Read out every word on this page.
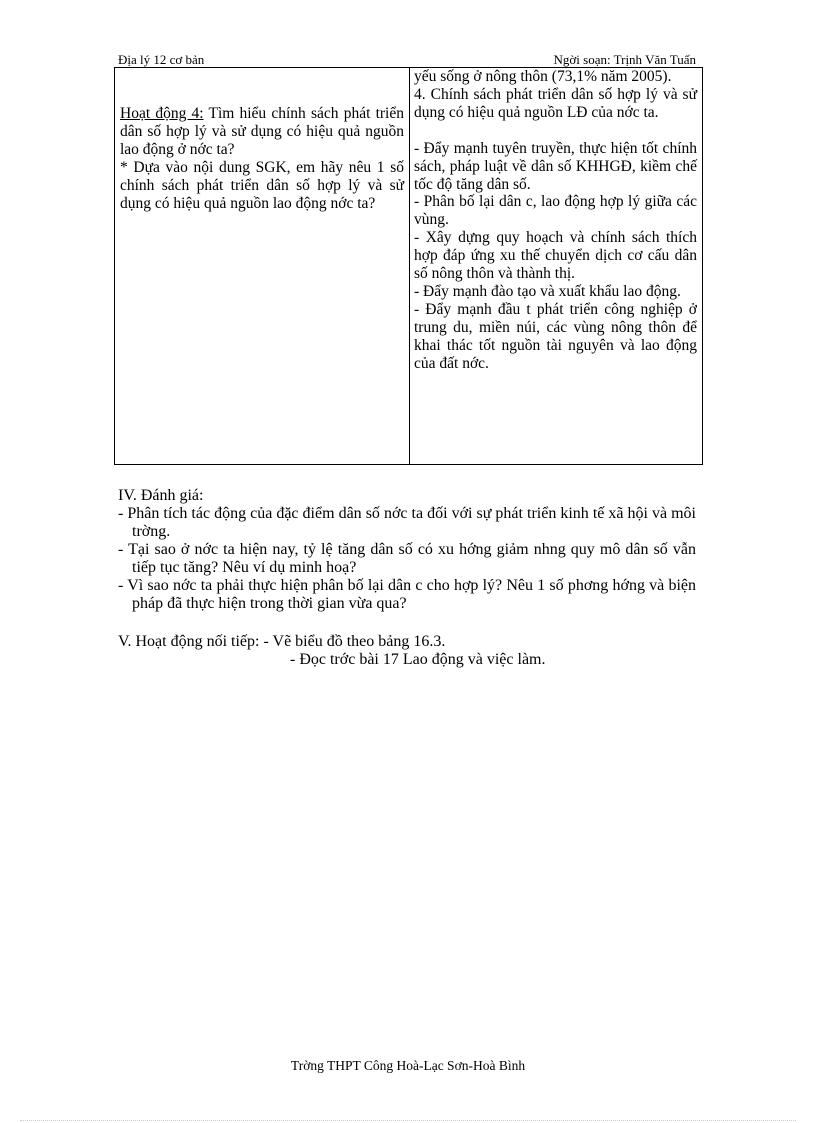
Địa lý 12 cơ bản	Ngời soạn: Trịnh Văn Tuấn

Hoạt động 4: Tìm hiểu chính sách phát triển dân số hợp lý và sử dụng có hiệu quả nguồn lao động ở nớc ta?

* Dựa vào nội dung SGK, em hãy nêu 1 số chính sách phát triển dân số hợp lý và sử dụng có hiệu quả nguồn lao động nớc ta?

yếu sống ở nông thôn (73,1% năm 2005).

4. Chính sách phát triển dân số hợp lý và sử dụng có hiệu quả nguồn LĐ của nớc ta.

- Đẩy mạnh tuyên truyền, thực hiện tốt chính sách, pháp luật về dân số KHHGĐ, kiềm chế tốc độ tăng dân số.

- Phân bố lại dân c, lao động hợp lý giữa các vùng.

- Xây dựng quy hoạch và chính sách thích hợp đáp ứng xu thế chuyển dịch cơ cấu dân số nông thôn và thành thị.

- Đẩy mạnh đào tạo và xuất khẩu lao động.

- Đẩy mạnh đầu t phát triển công nghiệp ở trung du, miền núi, các vùng nông thôn để khai thác tốt nguồn tài nguyên và lao động của đất nớc.

IV. Đánh giá:

- Phân tích tác động của đặc điểm dân số nớc ta đối với sự phát triển kinh tế xã hội và môi trờng.

- Tại sao ở nớc ta hiện nay, tỷ lệ tăng dân số có xu hớng giảm nhng quy mô dân số vẫn tiếp tục tăng? Nêu ví dụ minh hoạ?

- Vì sao nớc ta phải thực hiện phân bố lại dân c cho hợp lý? Nêu 1 số phơng hớng và biện pháp đã thực hiện trong thời gian vừa qua?

V. Hoạt động nối tiếp: - Vẽ biểu đồ theo bảng 16.3.
- Đọc trớc bài 17 Lao động và việc làm.
Trờng THPT Công Hoà-Lạc Sơn-Hoà Bình
